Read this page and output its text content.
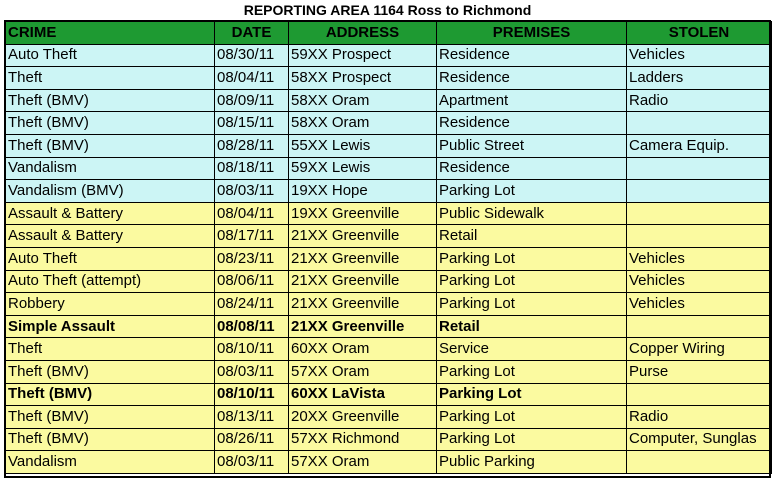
REPORTING AREA 1164 Ross to Richmond
CRIME	DATE	ADDRESS	PREMISES	STOLEN
Auto Theft	08/30/11	59XX Prospect	Residence	Vehicles
Theft	08/04/11	58XX Prospect	Residence	Ladders
Theft (BMV)	08/09/11	58XX Oram	Apartment	Radio
Theft (BMV)	08/15/11	58XX Oram	Residence	
Theft (BMV)	08/28/11	55XX Lewis	Public Street	Camera Equip.
Vandalism	08/18/11	59XX Lewis	Residence	
Vandalism (BMV)	08/03/11	19XX Hope	Parking Lot	
Assault & Battery	08/04/11	19XX Greenville	Public Sidewalk	
Assault & Battery	08/17/11	21XX Greenville	Retail	
Auto Theft	08/23/11	21XX Greenville	Parking Lot	Vehicles
Auto Theft (attempt)	08/06/11	21XX Greenville	Parking Lot	Vehicles
Robbery	08/24/11	21XX Greenville	Parking Lot	Vehicles
Simple Assault	08/08/11	21XX Greenville	Retail	
Theft	08/10/11	60XX Oram	Service	Copper Wiring
Theft (BMV)	08/03/11	57XX Oram	Parking Lot	Purse
Theft (BMV)	08/10/11	60XX LaVista	Parking Lot	
Theft (BMV)	08/13/11	20XX Greenville	Parking Lot	Radio
Theft (BMV)	08/26/11	57XX Richmond	Parking Lot	Computer, Sunglas
Vandalism	08/03/11	57XX Oram	Public Parking	
